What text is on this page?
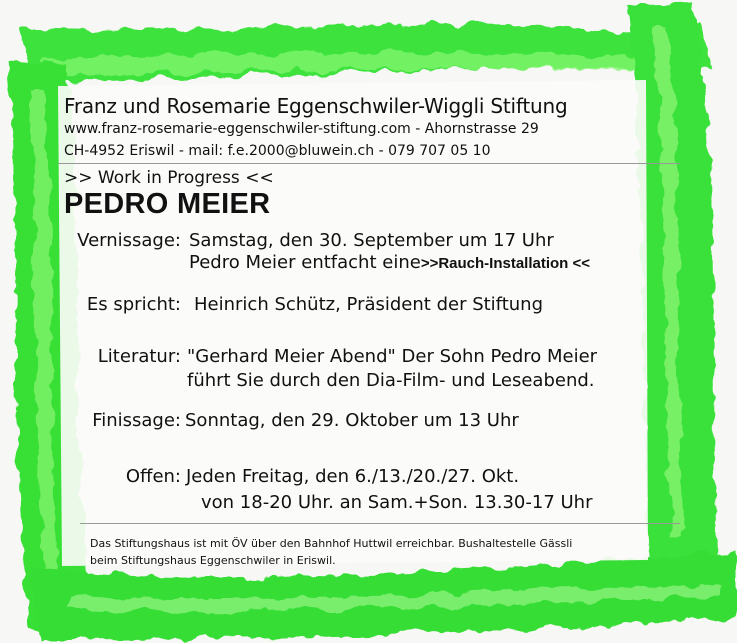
Franz und Rosemarie Eggenschwiler-Wiggli Stiftung
www.franz-rosemarie-eggenschwiler-stiftung.com - Ahornstrasse 29
CH-4952 Eriswil - mail: f.e.2000@bluwein.ch - 079 707 05 10
>> Work in Progress <<
PEDRO MEIER
Vernissage: Samstag, den 30. September um 17 Uhr
Pedro Meier entfacht eine>>Rauch-Installation <<
Es spricht: Heinrich Schütz, Präsident der Stiftung
Literatur: "Gerhard Meier Abend" Der Sohn Pedro Meier
führt Sie durch den Dia-Film- und Leseabend.
Finissage: Sonntag, den 29. Oktober um 13 Uhr
Offen: Jeden Freitag, den 6./13./20./27. Okt.
von 18-20 Uhr. an Sam.+Son. 13.30-17 Uhr
Das Stiftungshaus ist mit ÖV über den Bahnhof Huttwil erreichbar. Bushaltestelle Gässli
beim Stiftungshaus Eggenschwiler in Eriswil.
